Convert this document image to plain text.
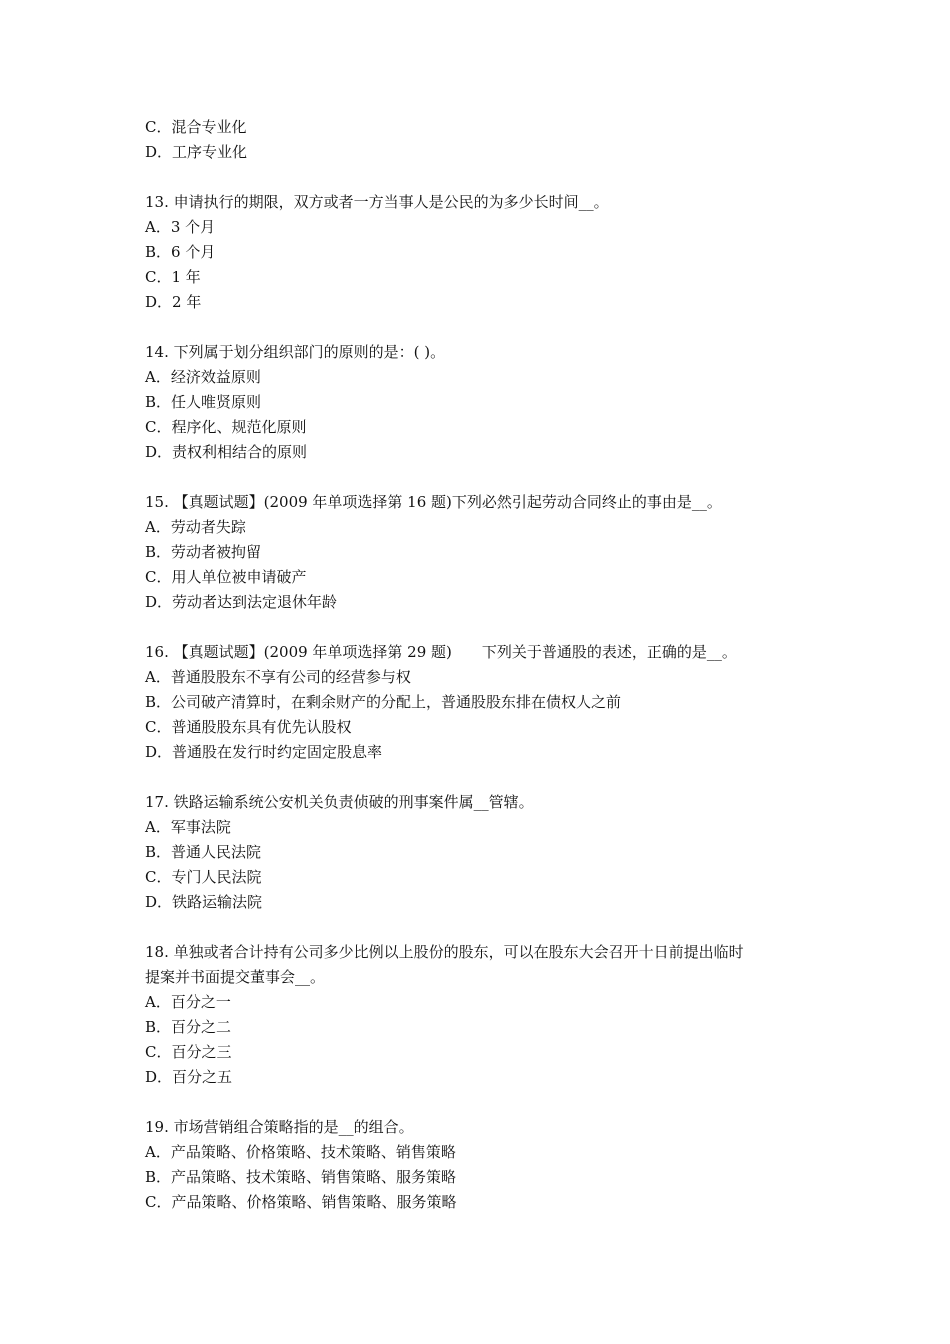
C．混合专业化
D．工序专业化
13. 申请执行的期限，双方或者一方当事人是公民的为多少长时间__。
A．3 个月
B．6 个月
C．1 年
D．2 年
14. 下列属于划分组织部门的原则的是：( )。
A．经济效益原则
B．任人唯贤原则
C．程序化、规范化原则
D．责权利相结合的原则
15. 【真题试题】(2009 年单项选择第 16 题)下列必然引起劳动合同终止的事由是__。
A．劳动者失踪
B．劳动者被拘留
C．用人单位被申请破产
D．劳动者达到法定退休年龄
16. 【真题试题】(2009 年单项选择第 29 题)　　下列关于普通股的表述，正确的是__。
A．普通股股东不享有公司的经营参与权
B．公司破产清算时，在剩余财产的分配上，普通股股东排在债权人之前
C．普通股股东具有优先认股权
D．普通股在发行时约定固定股息率
17. 铁路运输系统公安机关负责侦破的刑事案件属__管辖。
A．军事法院
B．普通人民法院
C．专门人民法院
D．铁路运输法院
18. 单独或者合计持有公司多少比例以上股份的股东，可以在股东大会召开十日前提出临时
提案并书面提交董事会__。
A．百分之一
B．百分之二
C．百分之三
D．百分之五
19. 市场营销组合策略指的是__的组合。
A．产品策略、价格策略、技术策略、销售策略
B．产品策略、技术策略、销售策略、服务策略
C．产品策略、价格策略、销售策略、服务策略
